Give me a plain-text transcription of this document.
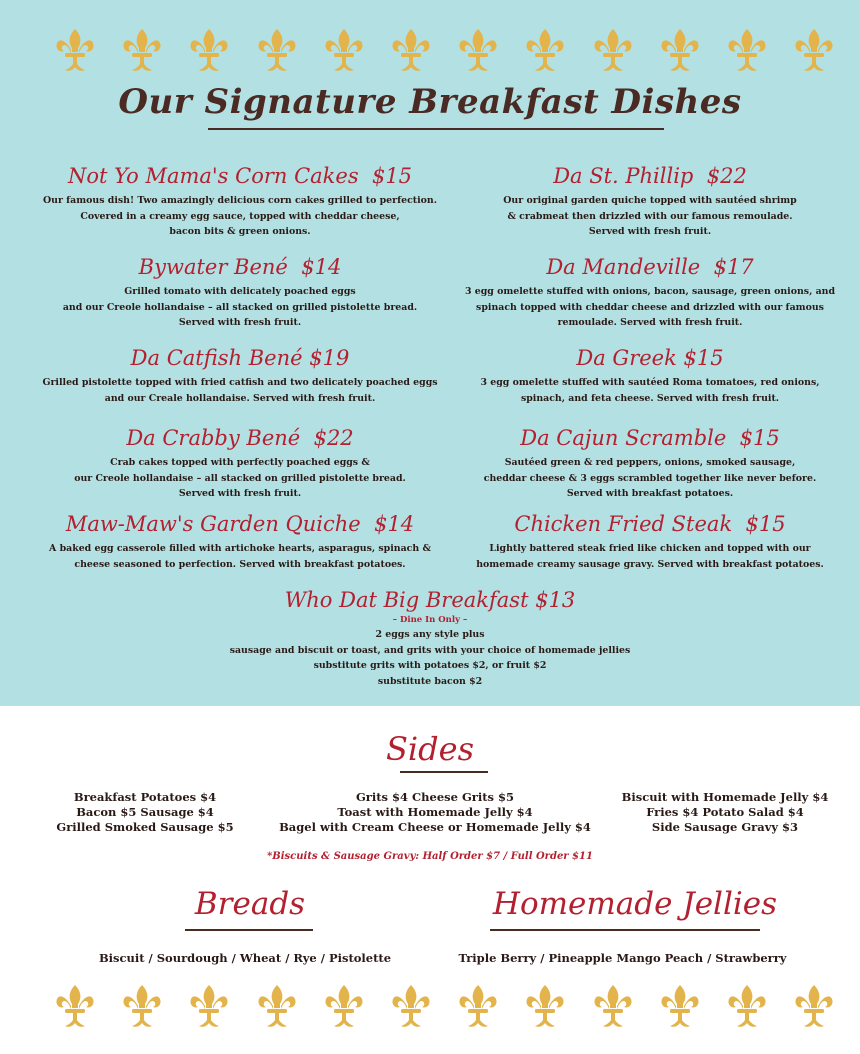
Our Signature Breakfast Dishes
Not Yo Mama's Corn Cakes $15
Our famous dish! Two amazingly delicious corn cakes grilled to perfection.
Covered in a creamy egg sauce, topped with cheddar cheese,
bacon bits & green onions.
Bywater Bené $14
Grilled tomato with delicately poached eggs
and our Creole hollandaise – all stacked on grilled pistolette bread.
Served with fresh fruit.
Da Catfish Bené $19
Grilled pistolette topped with fried catfish and two delicately poached eggs
and our Creale hollandaise. Served with fresh fruit.
Da Crabby Bené $22
Crab cakes topped with perfectly poached eggs &
our Creole hollandaise – all stacked on grilled pistolette bread.
Served with fresh fruit.
Maw-Maw's Garden Quiche $14
A baked egg casserole filled with artichoke hearts, asparagus, spinach &
cheese seasoned to perfection. Served with breakfast potatoes.
Da St. Phillip $22
Our original garden quiche topped with sautéed shrimp
& crabmeat then drizzled with our famous remoulade.
Served with fresh fruit.
Da Mandeville $17
3 egg omelette stuffed with onions, bacon, sausage, green onions, and
spinach topped with cheddar cheese and drizzled with our famous
remoulade. Served with fresh fruit.
Da Greek $15
3 egg omelette stuffed with sautéed Roma tomatoes, red onions,
spinach, and feta cheese. Served with fresh fruit.
Da Cajun Scramble $15
Sautéed green & red peppers, onions, smoked sausage,
cheddar cheese & 3 eggs scrambled together like never before.
Served with breakfast potatoes.
Chicken Fried Steak $15
Lightly battered steak fried like chicken and topped with our
homemade creamy sausage gravy. Served with breakfast potatoes.
Who Dat Big Breakfast $13
– Dine In Only –
2 eggs any style plus
sausage and biscuit or toast, and grits with your choice of homemade jellies
substitute grits with potatoes $2, or fruit $2
substitute bacon $2
Sides
Breakfast Potatoes $4
Bacon $5 Sausage $4
Grilled Smoked Sausage $5
Grits $4 Cheese Grits $5
Toast with Homemade Jelly $4
Bagel with Cream Cheese or Homemade Jelly $4
Biscuit with Homemade Jelly $4
Fries $4 Potato Salad $4
Side Sausage Gravy $3
*Biscuits & Sausage Gravy: Half Order $7 / Full Order $11
Breads
Biscuit / Sourdough / Wheat / Rye / Pistolette
Homemade Jellies
Triple Berry / Pineapple Mango Peach / Strawberry
